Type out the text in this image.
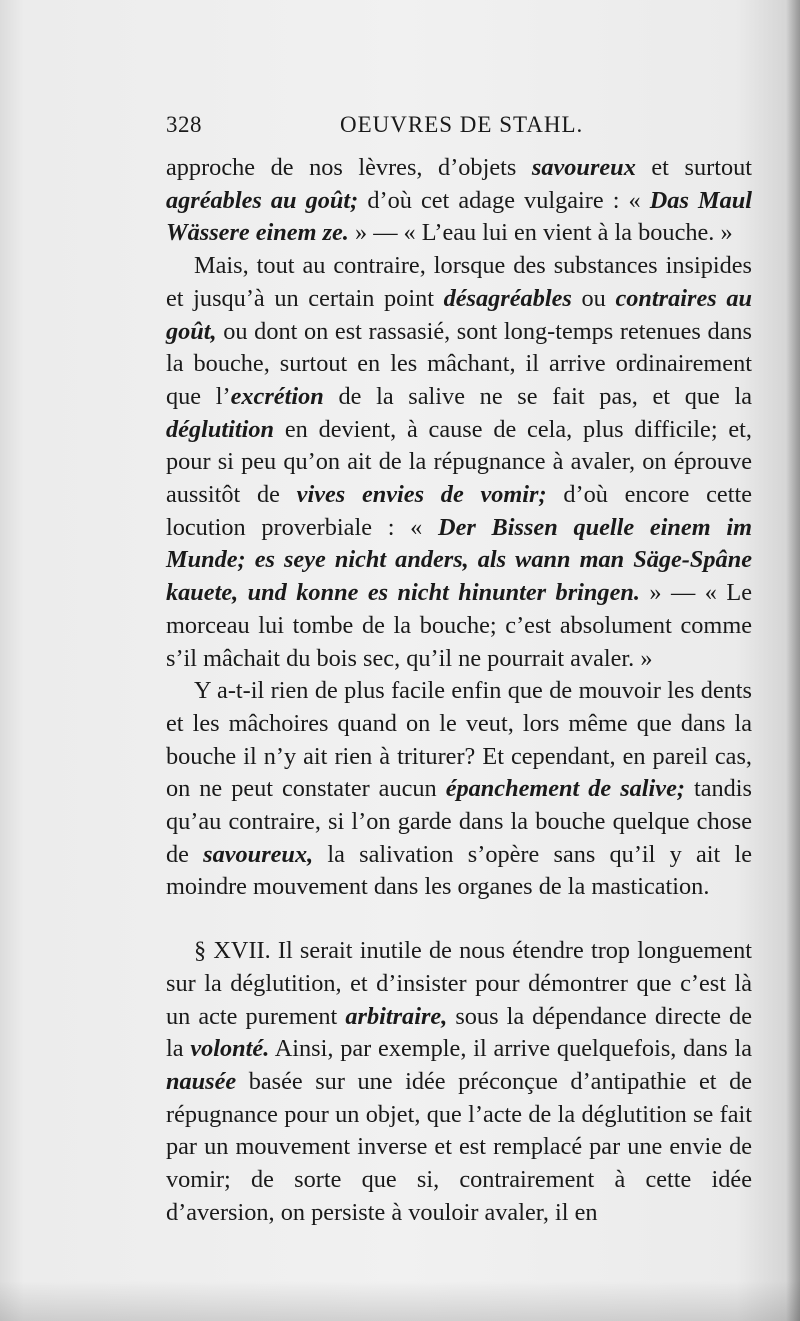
328	OEUVRES DE STAHL.

approche de nos lèvres, d’objets savoureux et surtout agréables au goût; d’où cet adage vulgaire : « Das Maul Wässere einem ze. » — « L’eau lui en vient à la bouche. »

Mais, tout au contraire, lorsque des substances insipides et jusqu’à un certain point désagréables ou contraires au goût, ou dont on est rassasié, sont long-temps retenues dans la bouche, surtout en les mâchant, il arrive ordinairement que l’excrétion de la salive ne se fait pas, et que la déglutition en devient, à cause de cela, plus difficile; et, pour si peu qu’on ait de la répugnance à avaler, on éprouve aussitôt de vives envies de vomir; d’où encore cette locution proverbiale : « Der Bissen quelle einem im Munde; es seye nicht anders, als wann man Säge-Spâne kauete, und konne es nicht hinunter bringen. » — « Le morceau lui tombe de la bouche; c’est absolument comme s’il mâchait du bois sec, qu’il ne pourrait avaler. »

Y a-t-il rien de plus facile enfin que de mouvoir les dents et les mâchoires quand on le veut, lors même que dans la bouche il n’y ait rien à triturer? Et cependant, en pareil cas, on ne peut constater aucun épanchement de salive; tandis qu’au contraire, si l’on garde dans la bouche quelque chose de savoureux, la salivation s’opère sans qu’il y ait le moindre mouvement dans les organes de la mastication.

§ XVII. Il serait inutile de nous étendre trop longuement sur la déglutition, et d’insister pour démontrer que c’est là un acte purement arbitraire, sous la dépendance directe de la volonté. Ainsi, par exemple, il arrive quelquefois, dans la nausée basée sur une idée préconçue d’antipathie et de répugnance pour un objet, que l’acte de la déglutition se fait par un mouvement inverse et est remplacé par une envie de vomir; de sorte que si, contrairement à cette idée d’aversion, on persiste à vouloir avaler, il en
